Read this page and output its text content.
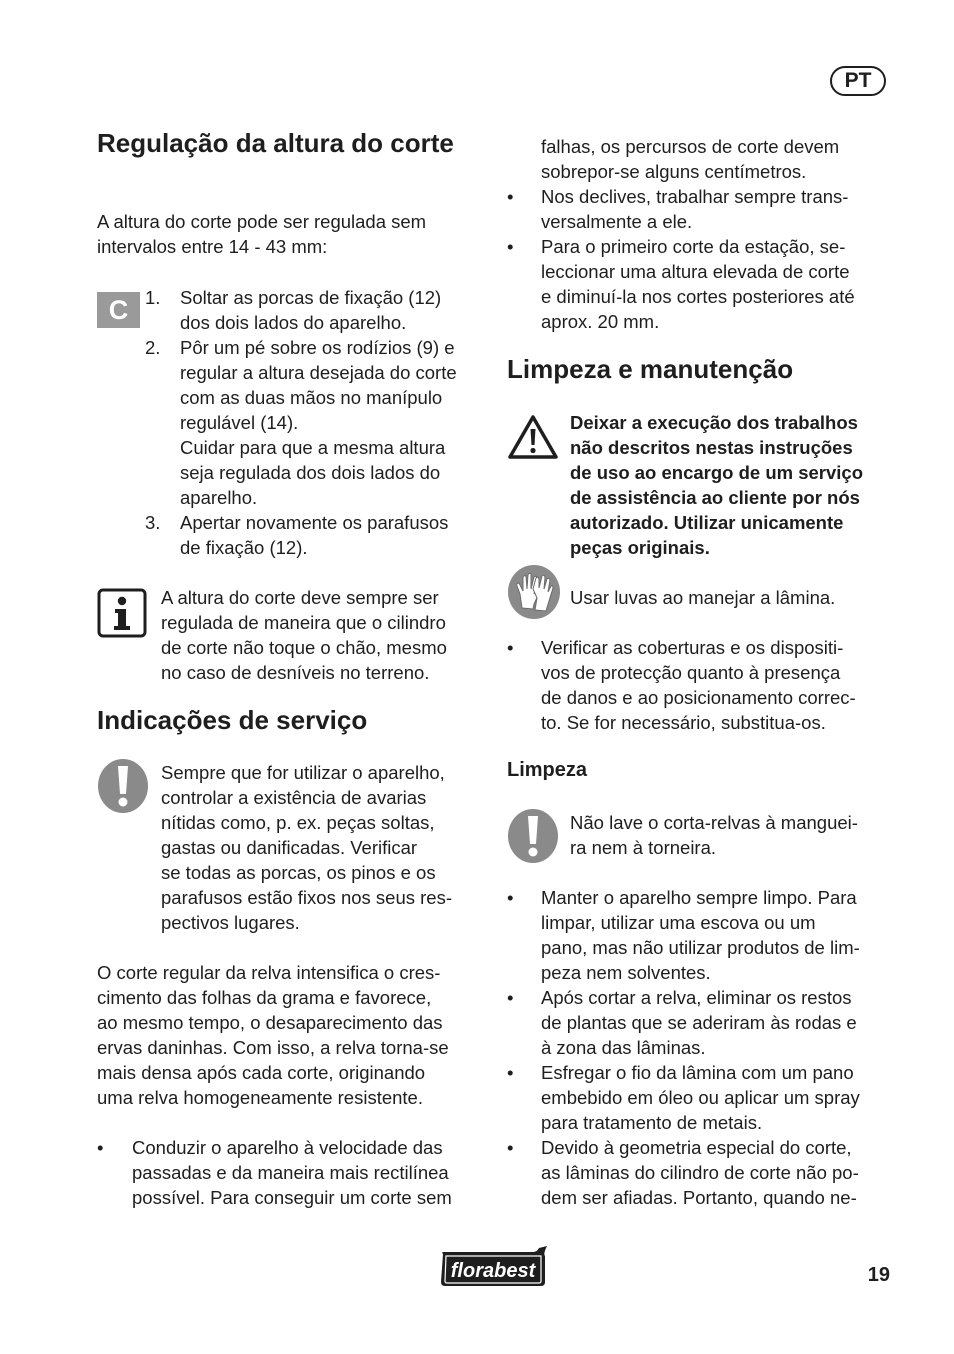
PT
Regulação da altura do corte

A altura do corte pode ser regulada sem intervalos entre 14 - 43 mm:

C 1. Soltar as porcas de fixação (12)
dos dois lados do aparelho.
2. Pôr um pé sobre os rodízios (9) e
regular a altura desejada do corte
com as duas mãos no manípulo
regulável (14).
Cuidar para que a mesma altura
seja regulada dos dois lados do
aparelho.
3. Apertar novamente os parafusos
de fixação (12).
A altura do corte deve sempre ser
regulada de maneira que o cilindro
de corte não toque o chão, mesmo
no caso de desníveis no terreno.
Indicações de serviço
Sempre que for utilizar o aparelho,
controlar a existência de avarias
nítidas como, p. ex. peças soltas,
gastas ou danificadas. Verificar
se todas as porcas, os pinos e os
parafusos estão fixos nos seus res-
pectivos lugares.
O corte regular da relva intensifica o cres-
cimento das folhas da grama e favorece,
ao mesmo tempo, o desaparecimento das
ervas daninhas. Com isso, a relva torna-se
mais densa após cada corte, originando
uma relva homogeneamente resistente.
• Conduzir o aparelho à velocidade das
passadas e da maneira mais rectilínea
possível. Para conseguir um corte sem
falhas, os percursos de corte devem
sobrepor-se alguns centímetros.
• Nos declives, trabalhar sempre trans-
versalmente a ele.
• Para o primeiro corte da estação, se-
leccionar uma altura elevada de corte
e diminuí-la nos cortes posteriores até
aprox. 20 mm.
Limpeza e manutenção
Deixar a execução dos trabalhos
não descritos nestas instruções
de uso ao encargo de um serviço
de assistência ao cliente por nós
autorizado. Utilizar unicamente
peças originais.

Usar luvas ao manejar a lâmina.

• Verificar as coberturas e os dispositi-
vos de protecção quanto à presença
de danos e ao posicionamento correc-
to. Se for necessário, substitua-os.
Limpeza
Não lave o corta-relvas à manguei-
ra nem à torneira.
• Manter o aparelho sempre limpo. Para
limpar, utilizar uma escova ou um
pano, mas não utilizar produtos de lim-
peza nem solventes.
• Após cortar a relva, eliminar os restos
de plantas que se aderiram às rodas e
à zona das lâminas.
• Esfregar o fio da lâmina com um pano
embebido em óleo ou aplicar um spray
para tratamento de metais.
• Devido à geometria especial do corte,
as lâminas do cilindro de corte não po-
dem ser afiadas. Portanto, quando ne-
florabest	19
